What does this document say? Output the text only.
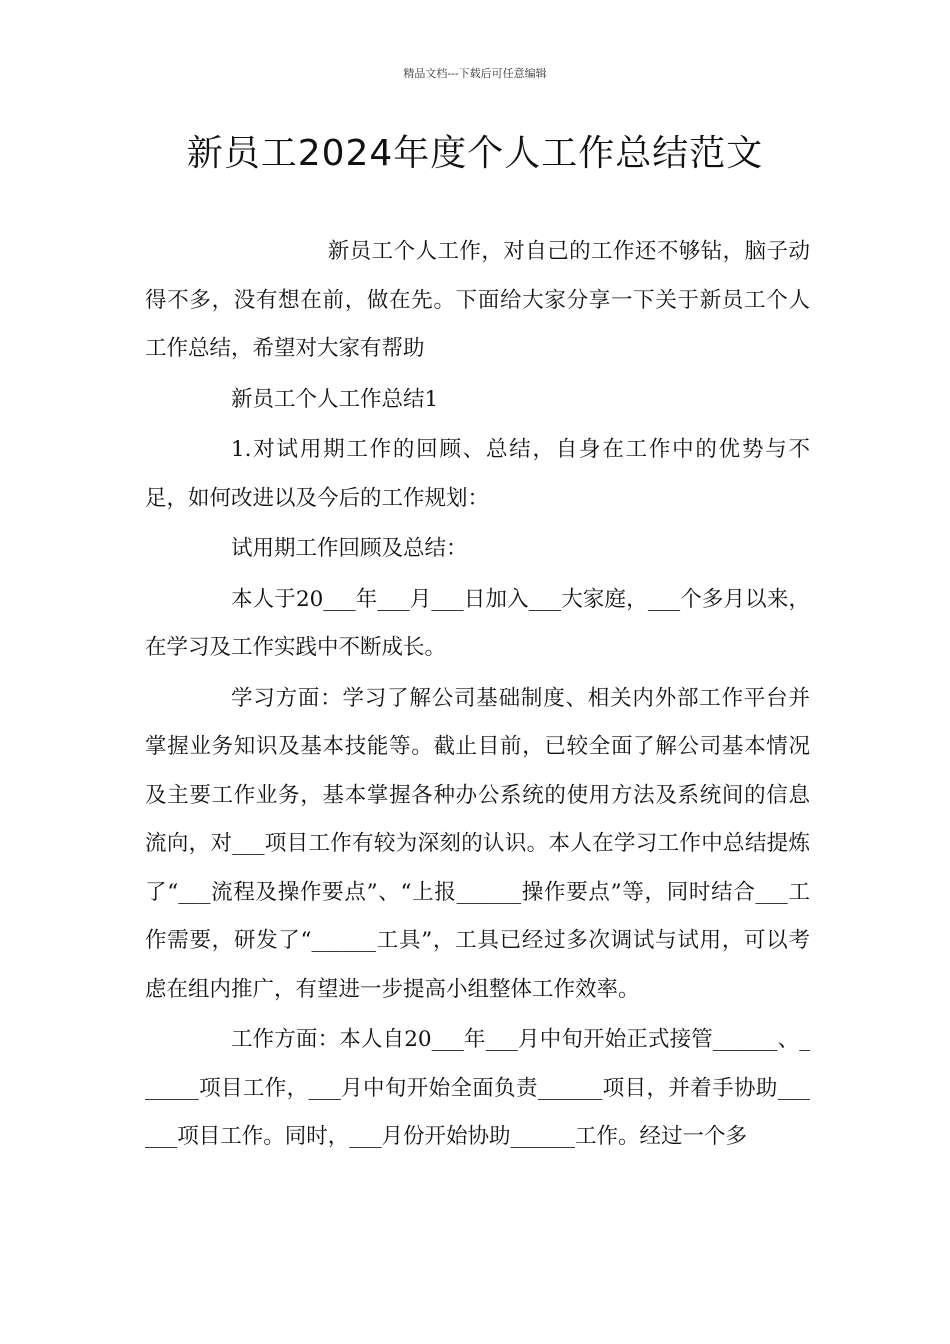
精品文档---下载后可任意编辑
新员工2024年度个人工作总结范文

新员工个人工作，对自己的工作还不够钻，脑子动得不多，没有想在前，做在先。下面给大家分享一下关于新员工个人工作总结，希望对大家有帮助

新员工个人工作总结1

1.对试用期工作的回顾、总结，自身在工作中的优势与不足，如何改进以及今后的工作规划：

试用期工作回顾及总结：

本人于20___年___月___日加入___大家庭，___个多月以来，在学习及工作实践中不断成长。

学习方面：学习了解公司基础制度、相关内外部工作平台并掌握业务知识及基本技能等。截止目前，已较全面了解公司基本情况及主要工作业务，基本掌握各种办公系统的使用方法及系统间的信息流向，对___项目工作有较为深刻的认识。本人在学习工作中总结提炼了“___流程及操作要点”、“上报______操作要点”等，同时结合___工作需要，研发了“______工具”，工具已经过多次调试与试用，可以考虑在组内推广，有望进一步提高小组整体工作效率。

工作方面：本人自20___年___月中旬开始正式接管______、______项目工作，___月中旬开始全面负责______项目，并着手协助______项目工作。同时，___月份开始协助______工作。经过一个多
